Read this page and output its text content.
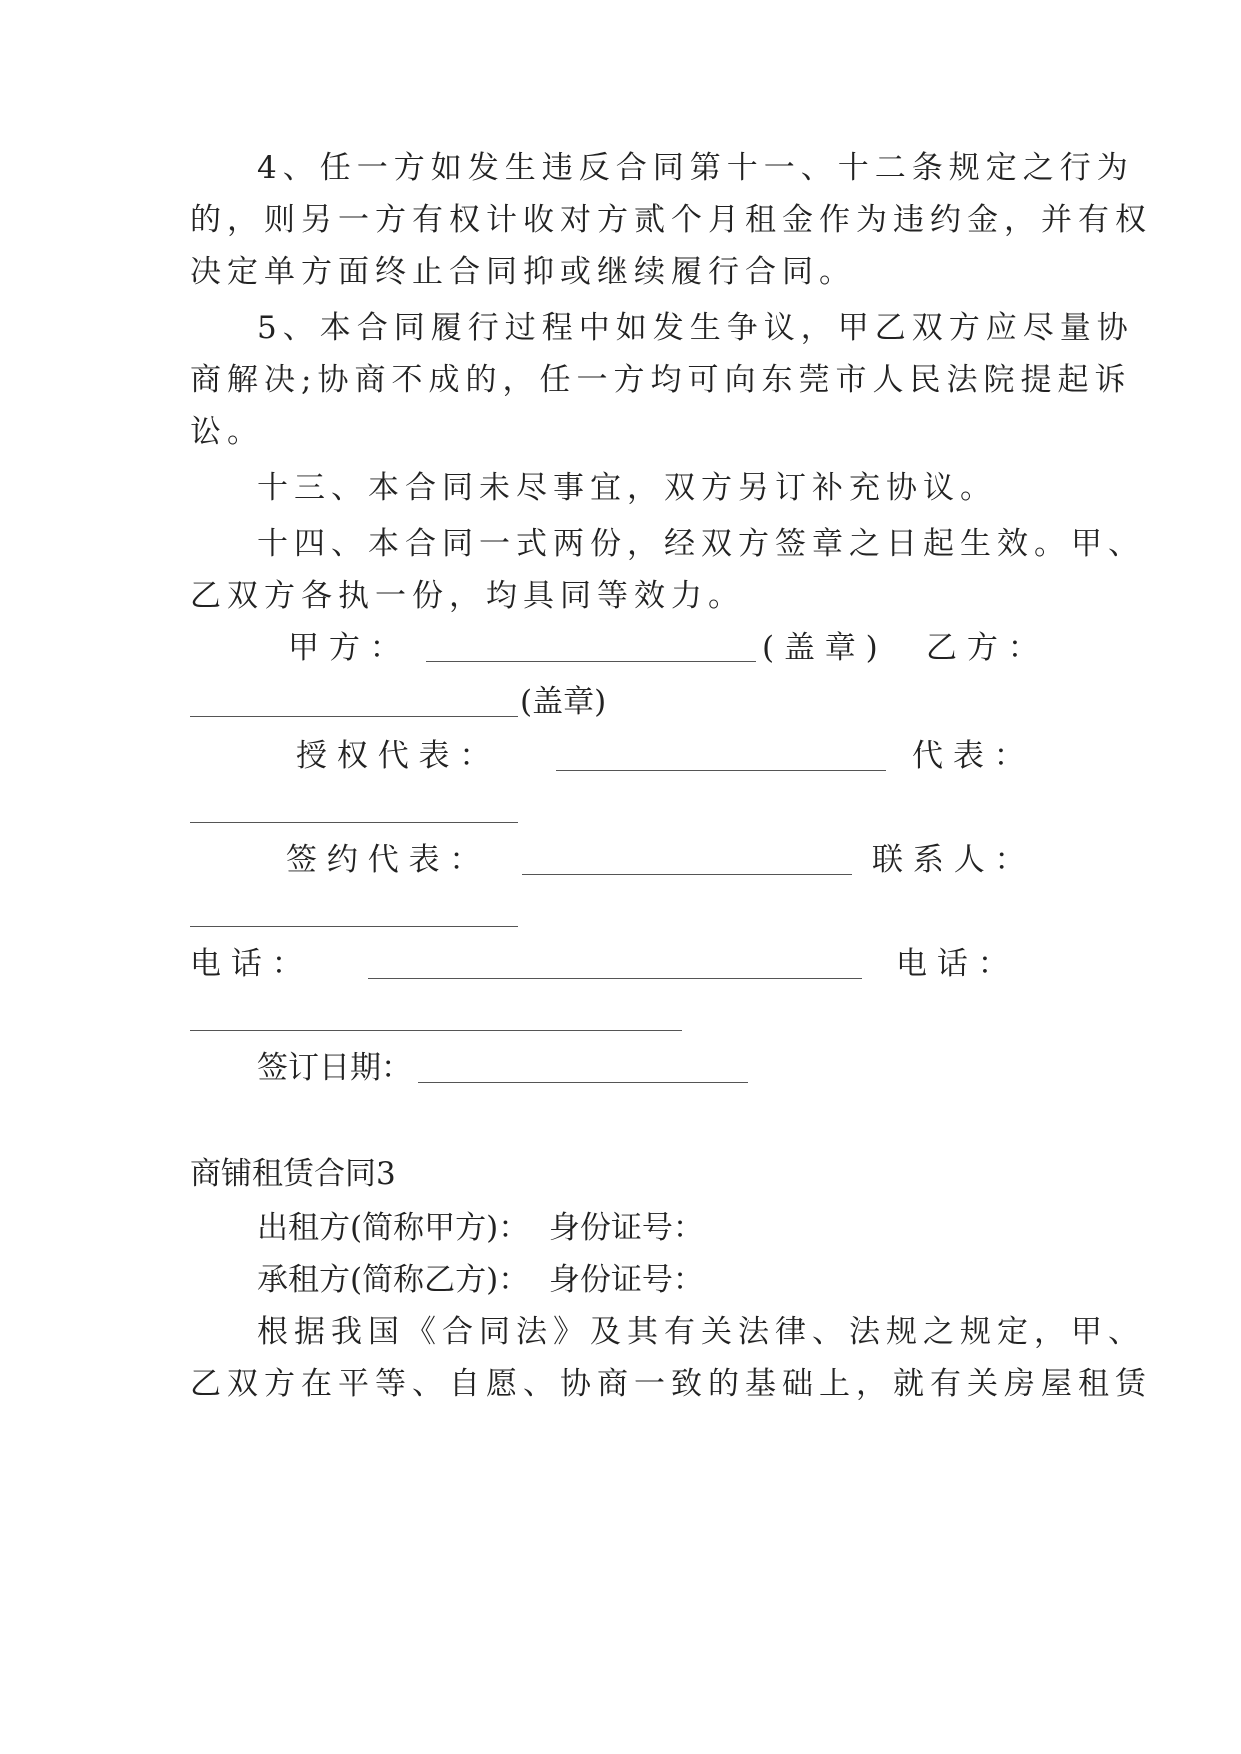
4、任一方如发生违反合同第十一、十二条规定之行为
的，则另一方有权计收对方贰个月租金作为违约金，并有权
决定单方面终止合同抑或继续履行合同。
5、本合同履行过程中如发生争议，甲乙双方应尽量协
商解决;协商不成的，任一方均可向东莞市人民法院提起诉
讼。
十三、本合同未尽事宜，双方另订补充协议。
十四、本合同一式两份，经双方签章之日起生效。甲、
乙双方各执一份，均具同等效力。
甲 方 ：	( 盖 章 ) 乙 方 ：
(盖章)
授 权 代 表 ：	代 表 ：
签 约 代 表 ：	联 系 人 ：
电 话 ：	电 话 ：
签订日期：
商铺租赁合同3
出租方(简称甲方)：  身份证号：
承租方(简称乙方)：  身份证号：
根据我国《合同法》及其有关法律、法规之规定，甲、
乙双方在平等、自愿、协商一致的基础上，就有关房屋租赁
